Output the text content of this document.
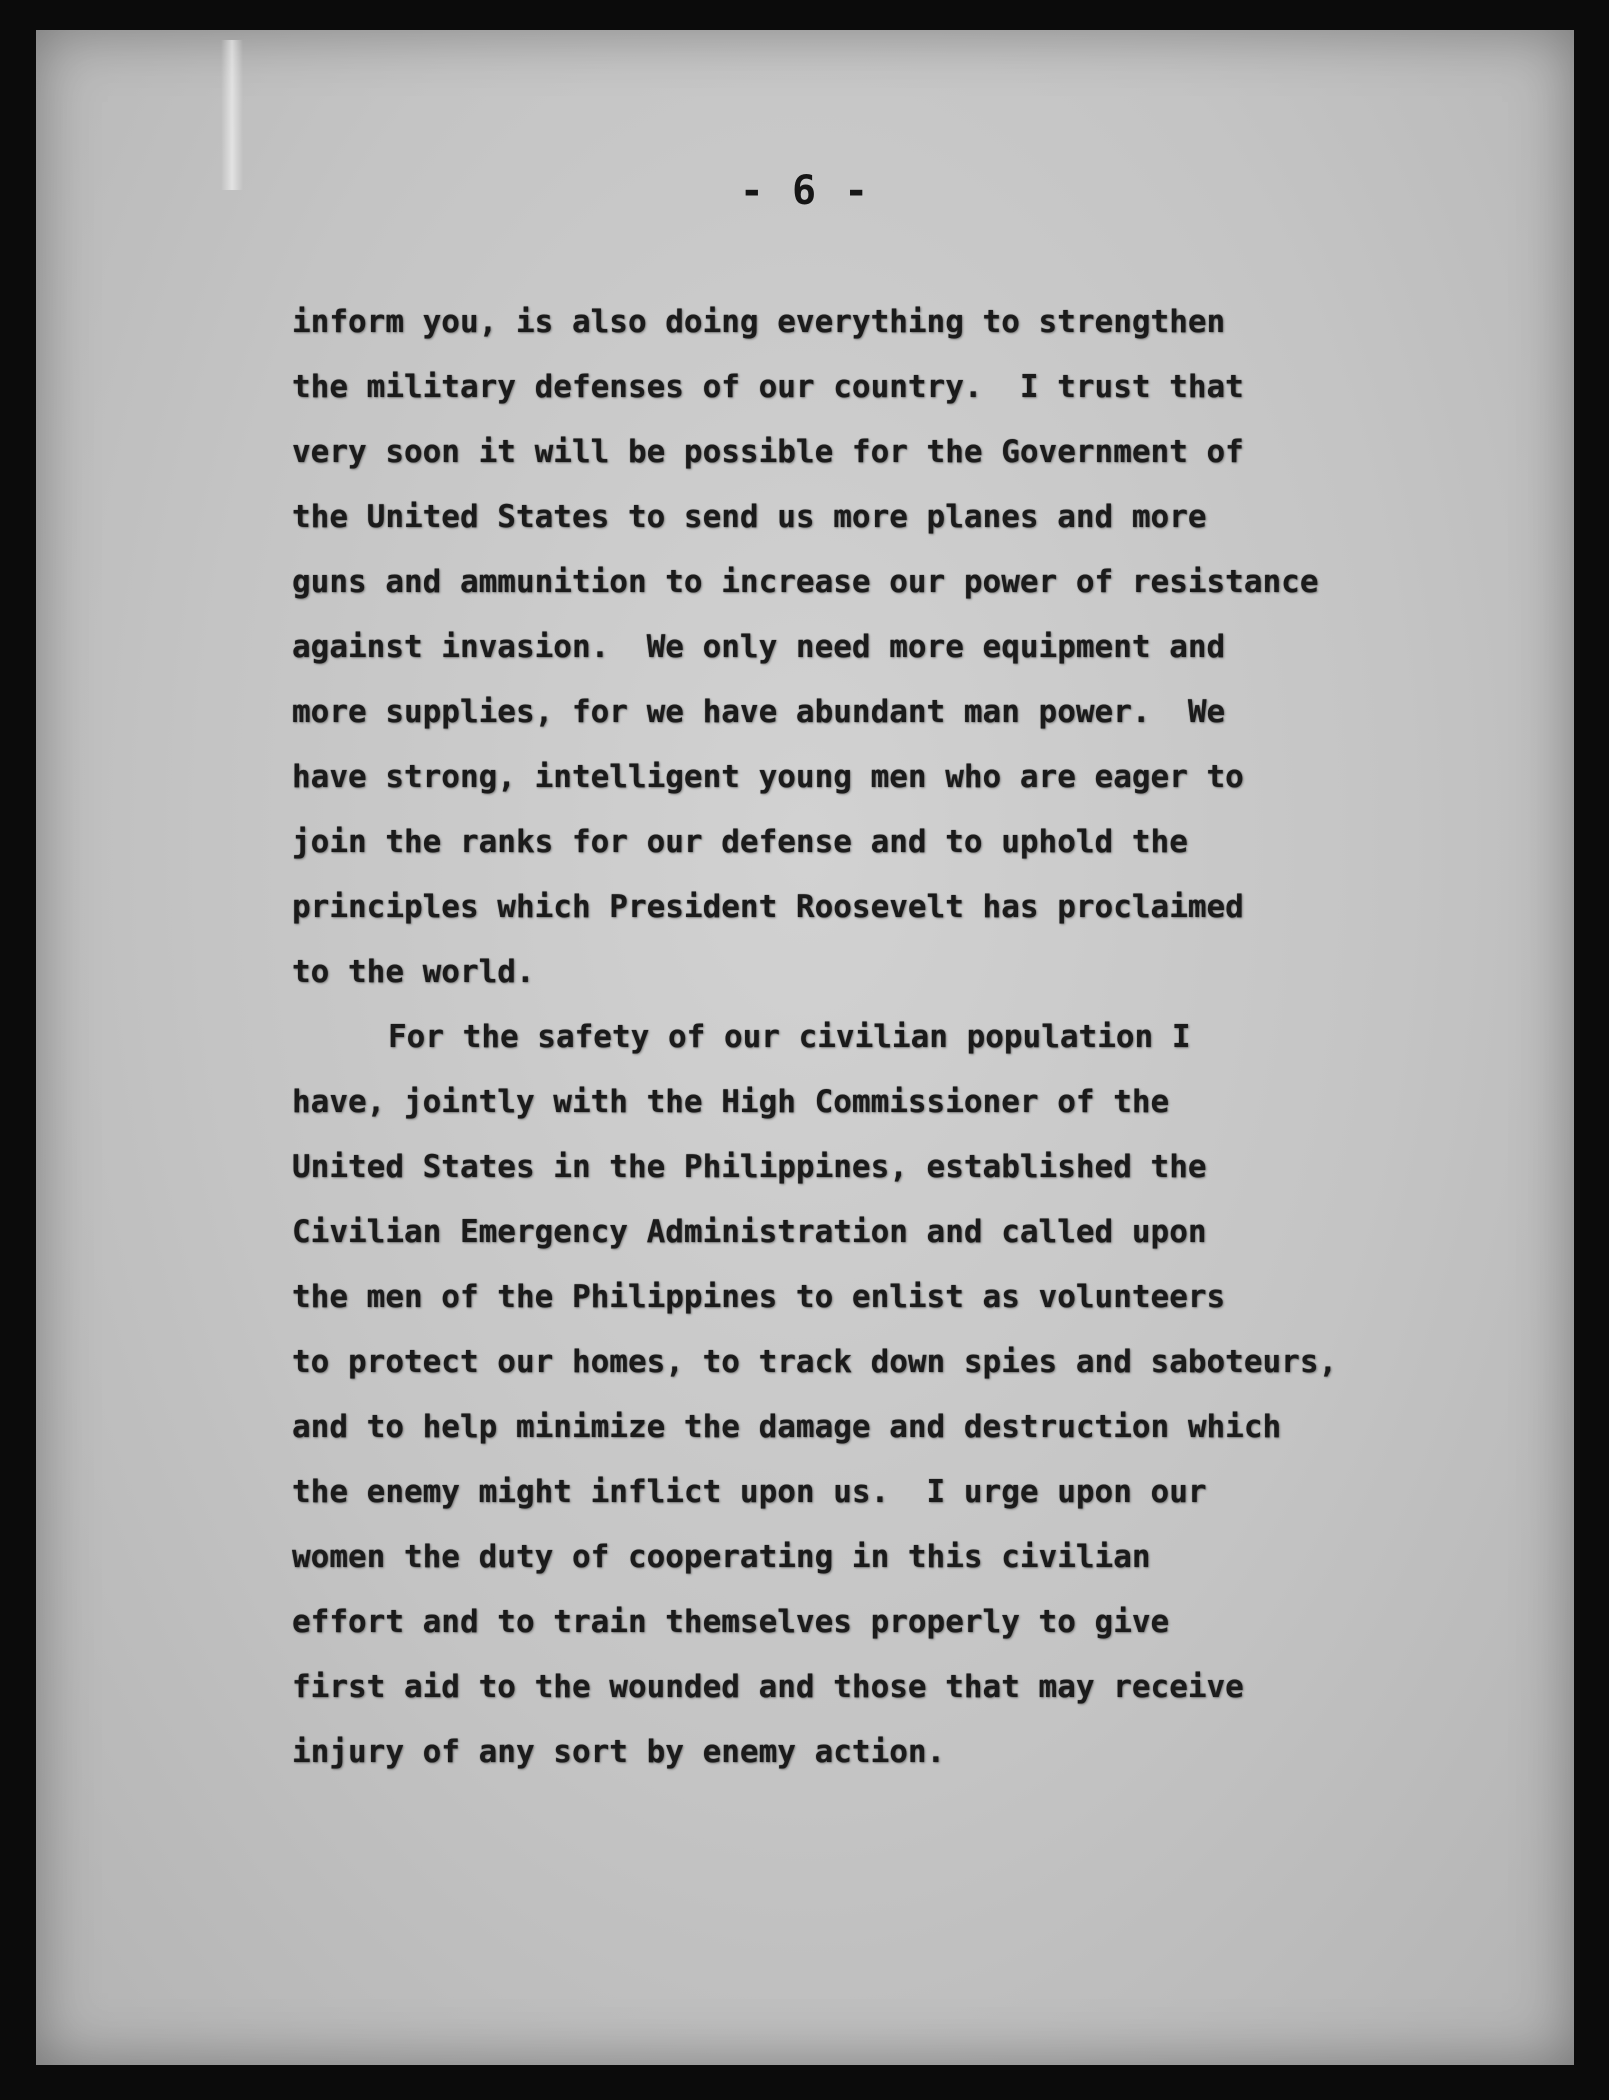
- 6 -
inform you, is also doing everything to strengthen
the military defenses of our country.  I trust that
very soon it will be possible for the Government of
the United States to send us more planes and more
guns and ammunition to increase our power of resistance
against invasion.  We only need more equipment and
more supplies, for we have abundant man power.  We
have strong, intelligent young men who are eager to
join the ranks for our defense and to uphold the
principles which President Roosevelt has proclaimed
to the world.
For the safety of our civilian population I
have, jointly with the High Commissioner of the
United States in the Philippines, established the
Civilian Emergency Administration and called upon
the men of the Philippines to enlist as volunteers
to protect our homes, to track down spies and saboteurs,
and to help minimize the damage and destruction which
the enemy might inflict upon us.  I urge upon our
women the duty of cooperating in this civilian
effort and to train themselves properly to give
first aid to the wounded and those that may receive
injury of any sort by enemy action.
